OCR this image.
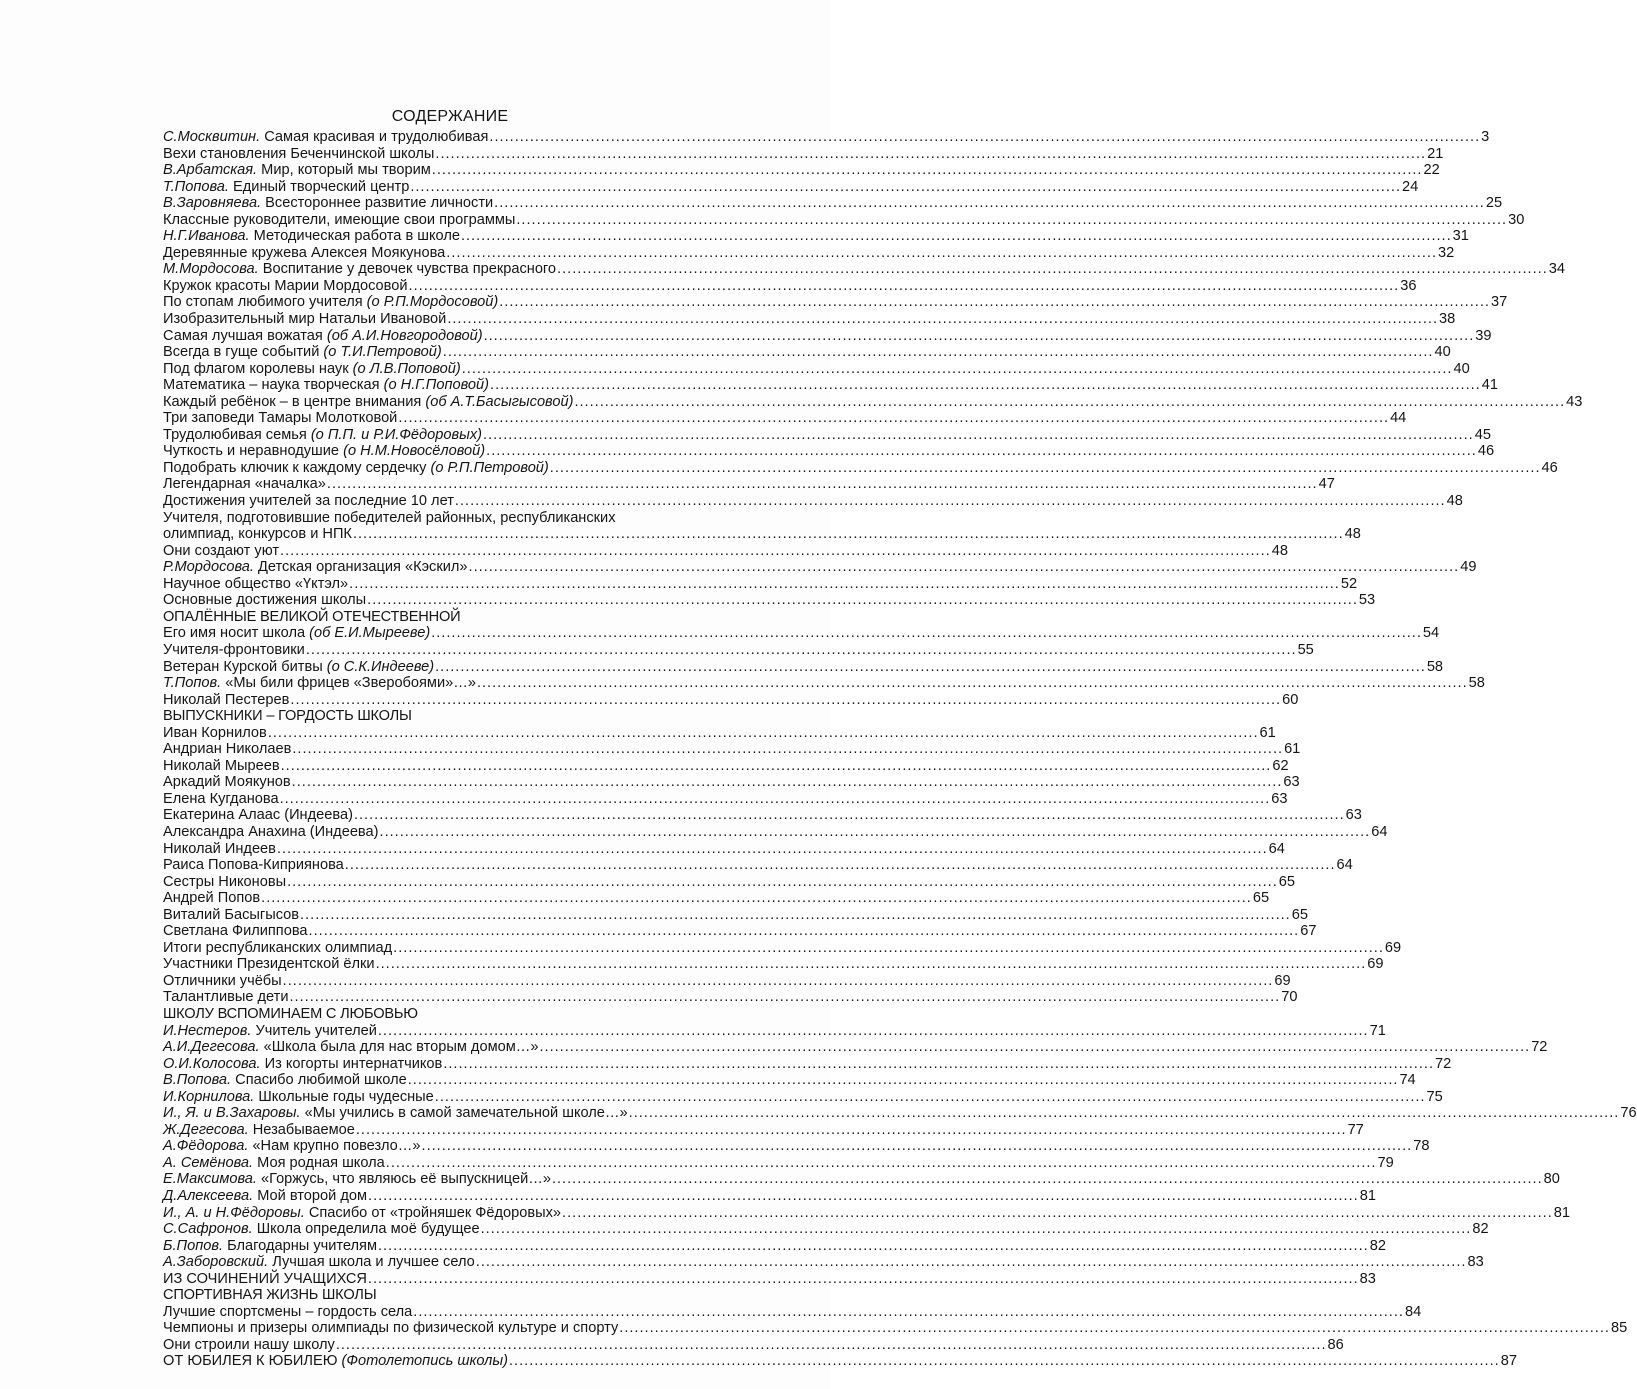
СОДЕРЖАНИЕ
С.Москвитин. Самая красивая и трудолюбивая .....	3
Вехи становления Беченчинской школы .....	21
В.Арбатская. Мир, который мы творим .....	22
Т.Попова. Единый творческий центр .....	24
В.Заровняева. Всестороннее развитие личности .....	25
Классные руководители, имеющие свои программы .....	30
Н.Г.Иванова. Методическая работа в школе .....	31
Деревянные кружева Алексея Моякунова .....	32
М.Мордосова. Воспитание у девочек чувства прекрасного .....	34
Кружок красоты Марии Мордосовой .....	36
По стопам любимого учителя (о Р.П.Мордосовой) .....	37
Изобразительный мир Натальи Ивановой .....	38
Самая лучшая вожатая (об А.И.Новгородовой) .....	39
Всегда в гуще событий (о Т.И.Петровой) .....	40
Под флагом королевы наук (о Л.В.Поповой) .....	40
Математика – наука творческая (о Н.Г.Поповой) .....	41
Каждый ребёнок – в центре внимания (об А.Т.Басыгысовой) .....	43
Три заповеди Тамары Молотковой .....	44
Трудолюбивая семья (о П.П. и Р.И.Фёдоровых) .....	45
Чуткость и неравнодушие (о Н.М.Новосёловой) .....	46
Подобрать ключик к каждому сердечку (о Р.П.Петровой) .....	46
Легендарная «началка» .....	47
Достижения учителей за последние 10 лет .....	48
Учителя, подготовившие победителей районных, республиканских
олимпиад, конкурсов и НПК .....	48
Они создают уют .....	48
Р.Мордосова. Детская организация «Кэскил» .....	49
Научное общество «Үктэл» .....	52
Основные достижения школы .....	53
ОПАЛЁННЫЕ ВЕЛИКОЙ ОТЕЧЕСТВЕННОЙ
Его имя носит школа (об Е.И.Мырееве) .....	54
Учителя-фронтовики .....	55
Ветеран Курской битвы (о С.К.Индееве) .....	58
Т.Попов. «Мы били фрицев «Зверобоями»…» .....	58
Николай Пестерев .....	60
ВЫПУСКНИКИ – ГОРДОСТЬ ШКОЛЫ
Иван Корнилов .....	61
Андриан Николаев .....	61
Николай Мыреев .....	62
Аркадий Моякунов .....	63
Елена Кугданова .....	63
Екатерина Алаас (Индеева) .....	63
Александра Анахина (Индеева) .....	64
Николай Индеев .....	64
Раиса Попова-Киприянова .....	64
Сестры Никоновы .....	65
Андрей Попов .....	65
Виталий Басыгысов .....	65
Светлана Филиппова .....	67
Итоги республиканских олимпиад .....	69
Участники Президентской ёлки .....	69
Отличники учёбы .....	69
Талантливые дети .....	70
ШКОЛУ ВСПОМИНАЕМ С ЛЮБОВЬЮ
И.Нестеров. Учитель учителей .....	71
А.И.Дегесова. «Школа была для нас вторым домом…» .....	72
О.И.Колосова. Из когорты интернатчиков .....	72
В.Попова. Спасибо любимой школе .....	74
И.Корнилова. Школьные годы чудесные .....	75
И., Я. и В.Захаровы. «Мы учились в самой замечательной школе…» .....	76
Ж.Дегесова. Незабываемое .....	77
А.Фёдорова. «Нам крупно повезло…» .....	78
А. Семёнова. Моя родная школа .....	79
Е.Максимова. «Горжусь, что являюсь её выпускницей…» .....	80
Д.Алексеева. Мой второй дом .....	81
И., А. и Н.Фёдоровы. Спасибо от «тройняшек Фёдоровых» .....	81
С.Сафронов. Школа определила моё будущее .....	82
Б.Попов. Благодарны учителям .....	82
А.Заборовский. Лучшая школа и лучшее село .....	83
ИЗ СОЧИНЕНИЙ УЧАЩИХСЯ .....	83
СПОРТИВНАЯ ЖИЗНЬ ШКОЛЫ
Лучшие спортсмены – гордость села .....	84
Чемпионы и призеры олимпиады по физической культуре и спорту .....	85
Они строили нашу школу .....	86
ОТ ЮБИЛЕЯ К ЮБИЛЕЮ (Фотолетопись школы) .....	87
